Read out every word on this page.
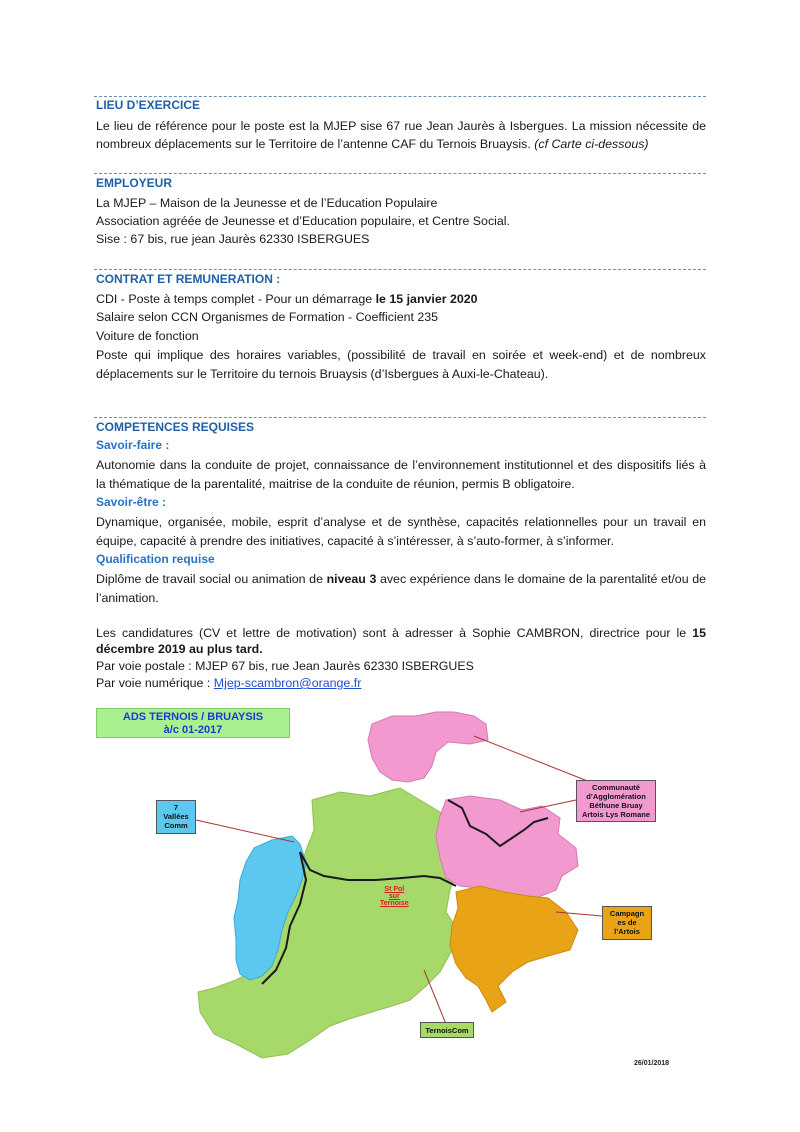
LIEU D’EXERCICE
Le lieu de référence pour le poste est la MJEP sise 67 rue Jean Jaurès à Isbergues. La mission nécessite de
nombreux déplacements sur le Territoire de l’antenne CAF du Ternois Bruaysis. (cf Carte ci-dessous)
EMPLOYEUR
La MJEP – Maison de la Jeunesse et de l’Education Populaire
Association agréée de Jeunesse et d’Education populaire, et Centre Social.
Sise : 67 bis, rue jean Jaurès 62330 ISBERGUES
CONTRAT ET REMUNERATION :
CDI - Poste à temps complet - Pour un démarrage le 15 janvier 2020
Salaire selon CCN Organismes de Formation - Coefficient 235
Voiture de fonction
Poste qui implique des horaires variables, (possibilité de travail en soirée et week-end) et de nombreux
déplacements sur le Territoire du ternois Bruaysis (d’Isbergues à Auxi-le-Chateau).
COMPETENCES REQUISES
Savoir-faire :
Autonomie dans la conduite de projet, connaissance de l’environnement institutionnel et des dispositifs liés à
la thématique de la parentalité, maitrise de la conduite de réunion, permis B obligatoire.
Savoir-être :
Dynamique, organisée, mobile, esprit d’analyse et de synthèse, capacités relationnelles pour un travail en
équipe, capacité à prendre des initiatives, capacité à s’intéresser, à s’auto-former, à s’informer.
Qualification requise
Diplôme de travail social ou animation de niveau 3 avec expérience dans le domaine de la parentalité et/ou de
l’animation.
Les candidatures (CV et lettre de motivation) sont à adresser à Sophie CAMBRON, directrice pour le 15
décembre 2019 au plus tard.
Par voie postale : MJEP 67 bis, rue Jean Jaurès 62330 ISBERGUES
Par voie numérique : Mjep-scambron@orange.fr
ADS TERNOIS / BRUAYSIS
à/c 01-2017
St Pol
sur
Ternoise
7
Vallées
Comm
Communauté
d’Agglomération
Béthune Bruay
Artois Lys Romane
Campagn
es de
l’Artois
TernoisCom
26/01/2018
